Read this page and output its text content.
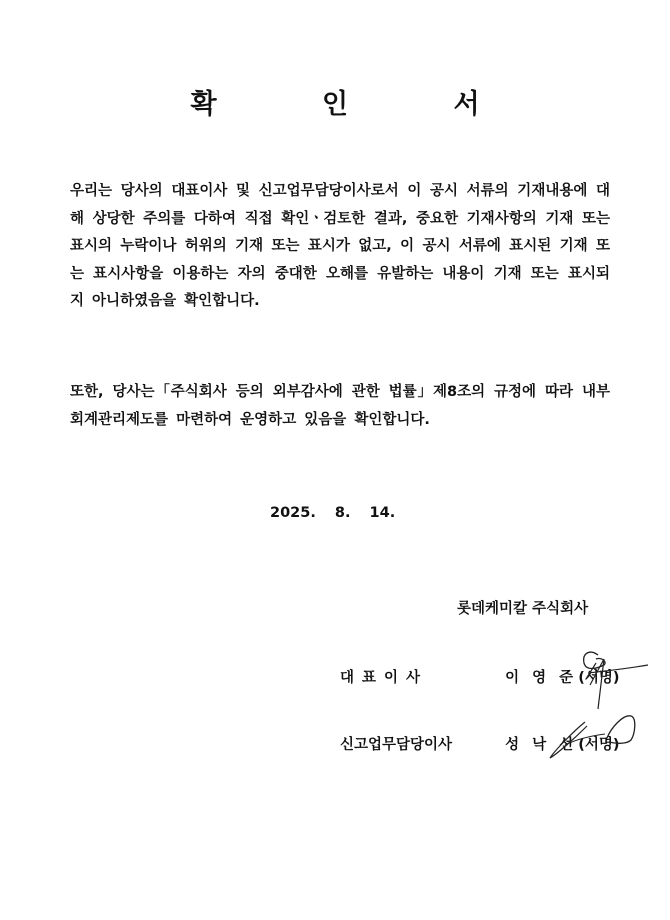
확	인	서
우리는 당사의 대표이사 및 신고업무담당이사로서 이 공시 서류의 기재내용에 대
해 상당한 주의를 다하여 직접 확인ㆍ검토한 결과, 중요한 기재사항의 기재 또는
표시의 누락이나 허위의 기재 또는 표시가 없고, 이 공시 서류에 표시된 기재 또
는 표시사항을 이용하는 자의 중대한 오해를 유발하는 내용이 기재 또는 표시되
지 아니하였음을 확인합니다.
또한, 당사는「주식회사 등의 외부감사에 관한 법률」제8조의 규정에 따라 내부
회계관리제도를 마련하여 운영하고 있음을 확인합니다.
2025. 8. 14.
롯데케미칼 주식회사
대표이사	이 영 준 (서명)
신고업무담당이사	성 낙 선 (서명)
